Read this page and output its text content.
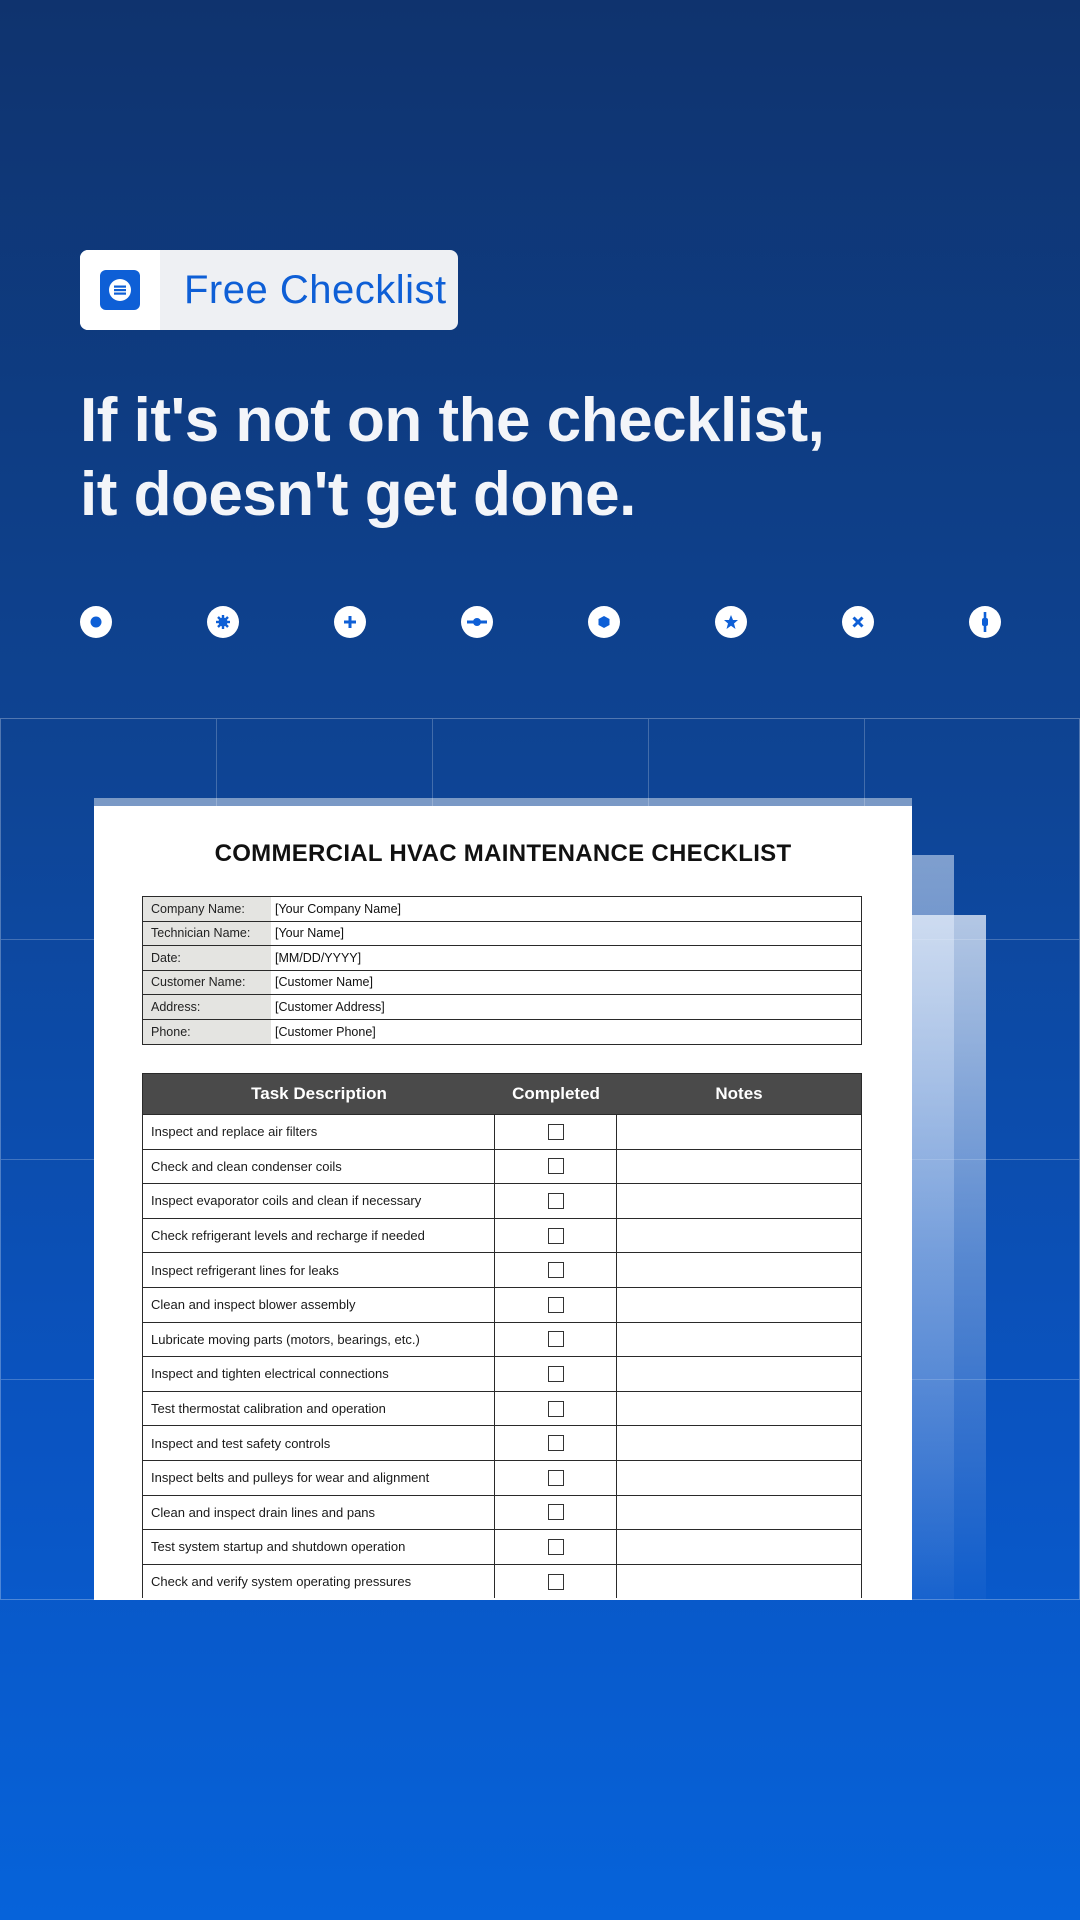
Free Checklist
If it's not on the checklist,
it doesn't get done.
COMMERCIAL HVAC MAINTENANCE CHECKLIST
Company Name:	[Your Company Name]
Technician Name:	[Your Name]
Date:	[MM/DD/YYYY]
Customer Name:	[Customer Name]
Address:	[Customer Address]
Phone:	[Customer Phone]
Task Description	Completed	Notes
Inspect and replace air filters
Check and clean condenser coils
Inspect evaporator coils and clean if necessary
Check refrigerant levels and recharge if needed
Inspect refrigerant lines for leaks
Clean and inspect blower assembly
Lubricate moving parts (motors, bearings, etc.)
Inspect and tighten electrical connections
Test thermostat calibration and operation
Inspect and test safety controls
Inspect belts and pulleys for wear and alignment
Clean and inspect drain lines and pans
Test system startup and shutdown operation
Check and verify system operating pressures
